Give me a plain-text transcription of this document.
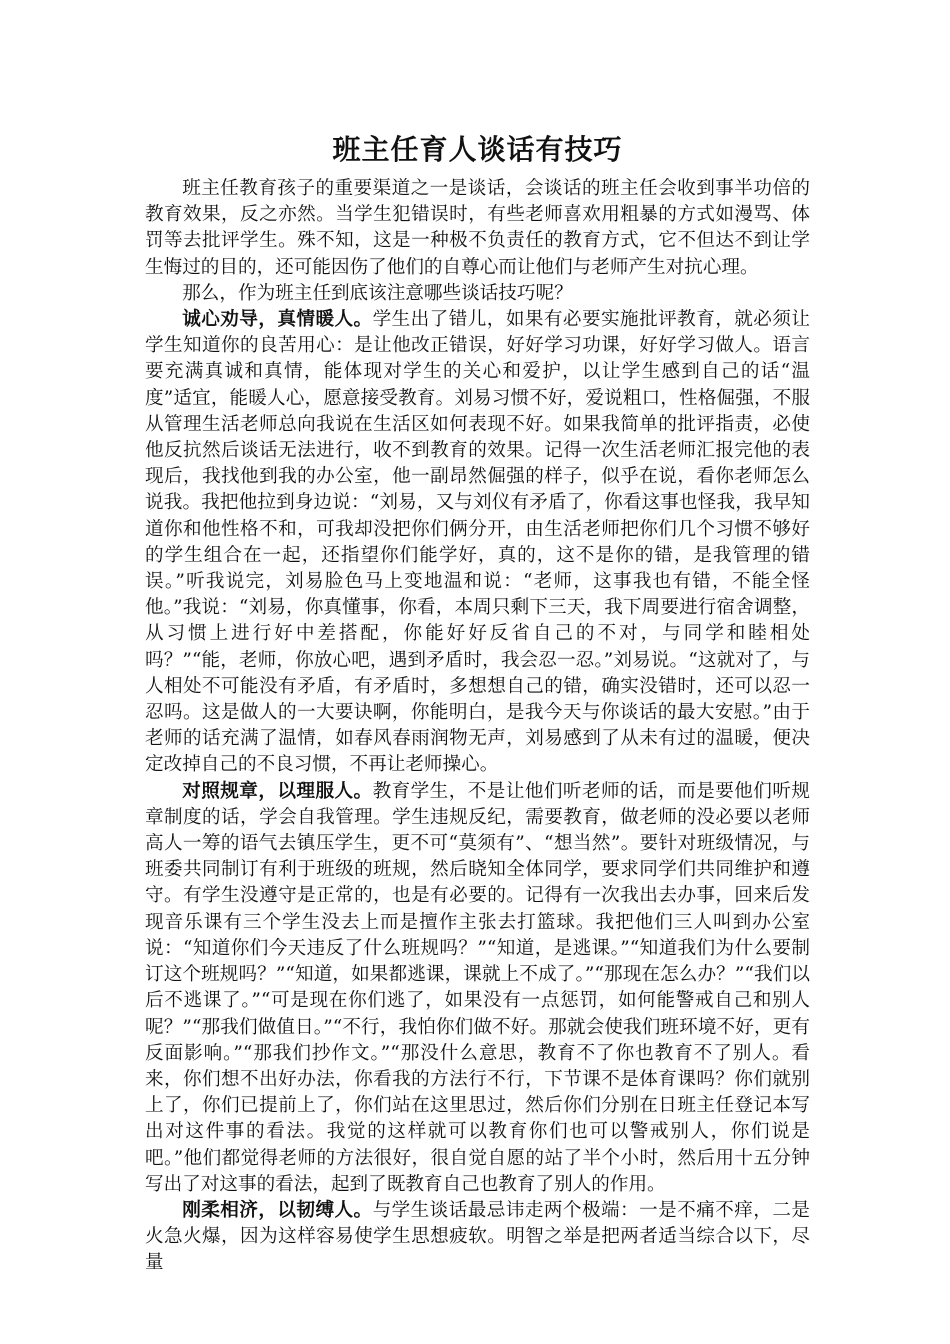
班主任育人谈话有技巧

班主任教育孩子的重要渠道之一是谈话，会谈话的班主任会收到事半功倍的教育效果，反之亦然。当学生犯错误时，有些老师喜欢用粗暴的方式如漫骂、体罚等去批评学生。殊不知，这是一种极不负责任的教育方式，它不但达不到让学生悔过的目的，还可能因伤了他们的自尊心而让他们与老师产生对抗心理。

那么，作为班主任到底该注意哪些谈话技巧呢？

诚心劝导，真情暖人。学生出了错儿，如果有必要实施批评教育，就必须让学生知道你的良苦用心：是让他改正错误，好好学习功课，好好学习做人。语言要充满真诚和真情，能体现对学生的关心和爱护，以让学生感到自己的话“温度”适宜，能暖人心，愿意接受教育。刘易习惯不好，爱说粗口，性格倔强，不服从管理生活老师总向我说在生活区如何表现不好。如果我简单的批评指责，必使他反抗然后谈话无法进行，收不到教育的效果。记得一次生活老师汇报完他的表现后，我找他到我的办公室，他一副昂然倔强的样子，似乎在说，看你老师怎么说我。我把他拉到身边说：“刘易，又与刘仪有矛盾了，你看这事也怪我，我早知道你和他性格不和，可我却没把你们俩分开，由生活老师把你们几个习惯不够好的学生组合在一起，还指望你们能学好，真的，这不是你的错，是我管理的错误。”听我说完，刘易脸色马上变地温和说：“老师，这事我也有错，不能全怪他。”我说：“刘易，你真懂事，你看，本周只剩下三天，我下周要进行宿舍调整，从习惯上进行好中差搭配，你能好好反省自己的不对，与同学和睦相处吗？”“能，老师，你放心吧，遇到矛盾时，我会忍一忍。”刘易说。“这就对了，与人相处不可能没有矛盾，有矛盾时，多想想自己的错，确实没错时，还可以忍一忍吗。这是做人的一大要诀啊，你能明白，是我今天与你谈话的最大安慰。”由于老师的话充满了温情，如春风春雨润物无声，刘易感到了从未有过的温暖，便决定改掉自己的不良习惯，不再让老师操心。

对照规章，以理服人。教育学生，不是让他们听老师的话，而是要他们听规章制度的话，学会自我管理。学生违规反纪，需要教育，做老师的没必要以老师高人一筹的语气去镇压学生，更不可“莫须有”、“想当然”。要针对班级情况，与班委共同制订有利于班级的班规，然后晓知全体同学，要求同学们共同维护和遵守。有学生没遵守是正常的，也是有必要的。记得有一次我出去办事，回来后发现音乐课有三个学生没去上而是擅作主张去打篮球。我把他们三人叫到办公室说：“知道你们今天违反了什么班规吗？”“知道，是逃课。”“知道我们为什么要制订这个班规吗？”“知道，如果都逃课，课就上不成了。”“那现在怎么办？”“我们以后不逃课了。”“可是现在你们逃了，如果没有一点惩罚，如何能警戒自己和别人呢？”“那我们做值日。”“不行，我怕你们做不好。那就会使我们班环境不好，更有反面影响。”“那我们抄作文。”“那没什么意思，教育不了你也教育不了别人。看来，你们想不出好办法，你看我的方法行不行，下节课不是体育课吗？你们就别上了，你们已提前上了，你们站在这里思过，然后你们分别在日班主任登记本写出对这件事的看法。我觉的这样就可以教育你们也可以警戒别人，你们说是吧。”他们都觉得老师的方法很好，很自觉自愿的站了半个小时，然后用十五分钟写出了对这事的看法，起到了既教育自己也教育了别人的作用。

刚柔相济，以韧缚人。与学生谈话最忌讳走两个极端：一是不痛不痒，二是火急火爆，因为这样容易使学生思想疲软。明智之举是把两者适当综合以下，尽量
